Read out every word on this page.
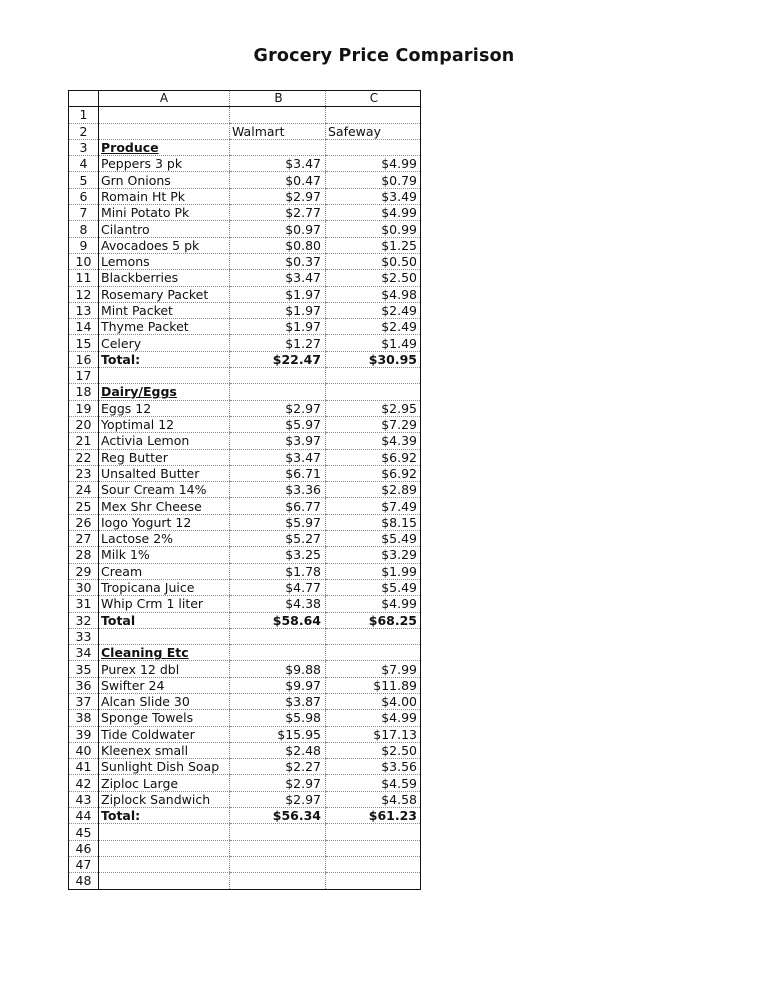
Grocery Price Comparison
	A	B	C
1			
2		Walmart	Safeway
3	Produce		
4	Peppers 3 pk	$3.47	$4.99
5	Grn Onions	$0.47	$0.79
6	Romain Ht Pk	$2.97	$3.49
7	Mini Potato Pk	$2.77	$4.99
8	Cilantro	$0.97	$0.99
9	Avocadoes 5 pk	$0.80	$1.25
10	Lemons	$0.37	$0.50
11	Blackberries	$3.47	$2.50
12	Rosemary Packet	$1.97	$4.98
13	Mint Packet	$1.97	$2.49
14	Thyme Packet	$1.97	$2.49
15	Celery	$1.27	$1.49
16	Total:	$22.47	$30.95
17			
18	Dairy/Eggs		
19	Eggs 12	$2.97	$2.95
20	Yoptimal 12	$5.97	$7.29
21	Activia Lemon	$3.97	$4.39
22	Reg Butter	$3.47	$6.92
23	Unsalted Butter	$6.71	$6.92
24	Sour Cream 14%	$3.36	$2.89
25	Mex Shr Cheese	$6.77	$7.49
26	Iogo Yogurt 12	$5.97	$8.15
27	Lactose 2%	$5.27	$5.49
28	Milk 1%	$3.25	$3.29
29	Cream	$1.78	$1.99
30	Tropicana Juice	$4.77	$5.49
31	Whip Crm 1 liter	$4.38	$4.99
32	Total	$58.64	$68.25
33			
34	Cleaning Etc		
35	Purex 12 dbl	$9.88	$7.99
36	Swifter 24	$9.97	$11.89
37	Alcan Slide 30	$3.87	$4.00
38	Sponge Towels	$5.98	$4.99
39	Tide Coldwater	$15.95	$17.13
40	Kleenex small	$2.48	$2.50
41	Sunlight Dish Soap	$2.27	$3.56
42	Ziploc Large	$2.97	$4.59
43	Ziplock Sandwich	$2.97	$4.58
44	Total:	$56.34	$61.23
45			
46			
47			
48			
